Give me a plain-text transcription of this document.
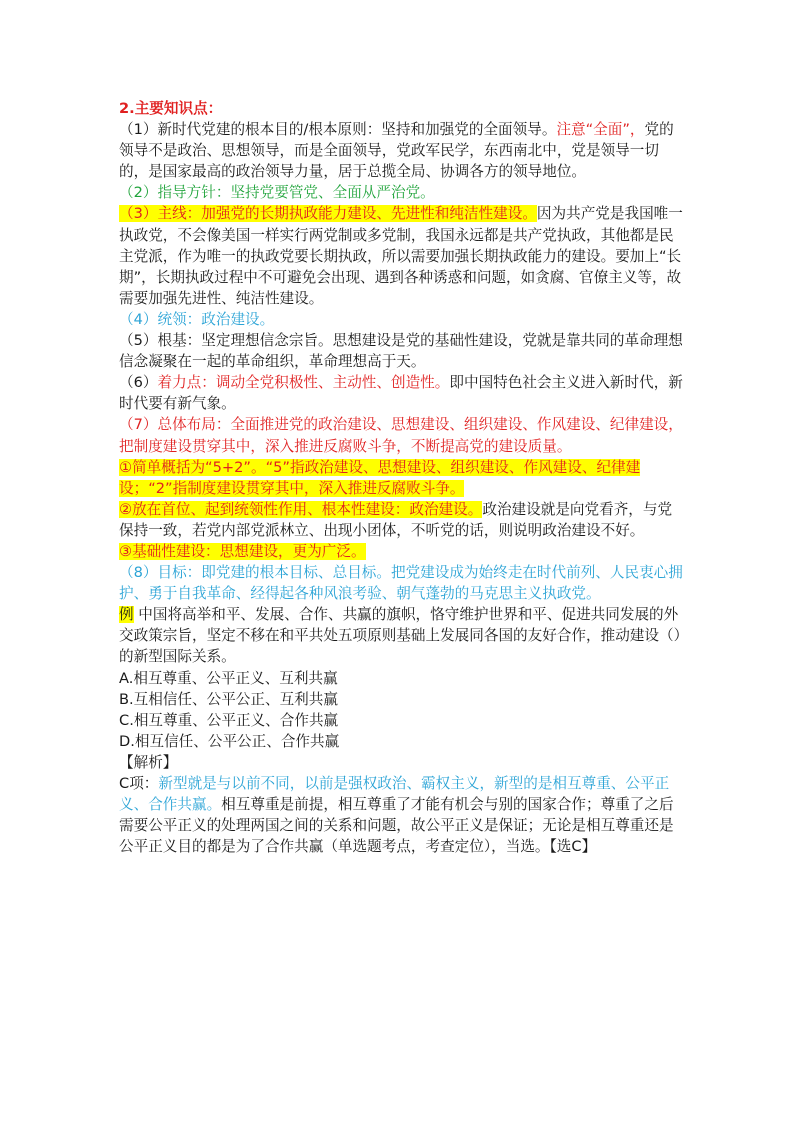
2.主要知识点：

（1）新时代党建的根本目的/根本原则：坚持和加强党的全面领导。注意“全面”，党的领导不是政治、思想领导，而是全面领导，党政军民学，东西南北中，党是领导一切的，是国家最高的政治领导力量，居于总揽全局、协调各方的领导地位。

（2）指导方针：坚持党要管党、全面从严治党。

（3）主线：加强党的长期执政能力建设、先进性和纯洁性建设。因为共产党是我国唯一执政党，不会像美国一样实行两党制或多党制，我国永远都是共产党执政，其他都是民主党派，作为唯一的执政党要长期执政，所以需要加强长期执政能力的建设。要加上“长期”，长期执政过程中不可避免会出现、遇到各种诱惑和问题，如贪腐、官僚主义等，故需要加强先进性、纯洁性建设。

（4）统领：政治建设。

（5）根基：坚定理想信念宗旨。思想建设是党的基础性建设，党就是靠共同的革命理想信念凝聚在一起的革命组织，革命理想高于天。

（6）着力点：调动全党积极性、主动性、创造性。即中国特色社会主义进入新时代，新时代要有新气象。

（7）总体布局：全面推进党的政治建设、思想建设、组织建设、作风建设、纪律建设，把制度建设贯穿其中，深入推进反腐败斗争，不断提高党的建设质量。

①简单概括为“5+2”。“5”指政治建设、思想建设、组织建设、作风建设、纪律建设；“2”指制度建设贯穿其中，深入推进反腐败斗争。

②放在首位、起到统领性作用、根本性建设：政治建设。政治建设就是向党看齐，与党保持一致，若党内部党派林立、出现小团体，不听党的话，则说明政治建设不好。

③基础性建设：思想建设，更为广泛。

（8）目标：即党建的根本目标、总目标。把党建设成为始终走在时代前列、人民衷心拥护、勇于自我革命、经得起各种风浪考验、朝气蓬勃的马克思主义执政党。

例 中国将高举和平、发展、合作、共赢的旗帜，恪守维护世界和平、促进共同发展的外交政策宗旨，坚定不移在和平共处五项原则基础上发展同各国的友好合作，推动建设（）的新型国际关系。

A.相互尊重、公平正义、互利共赢

B.互相信任、公平公正、互利共赢

C.相互尊重、公平正义、合作共赢

D.相互信任、公平公正、合作共赢

【解析】

C项：新型就是与以前不同，以前是强权政治、霸权主义，新型的是相互尊重、公平正义、合作共赢。相互尊重是前提，相互尊重了才能有机会与别的国家合作；尊重了之后需要公平正义的处理两国之间的关系和问题，故公平正义是保证；无论是相互尊重还是公平正义目的都是为了合作共赢（单选题考点，考查定位），当选。【选C】
